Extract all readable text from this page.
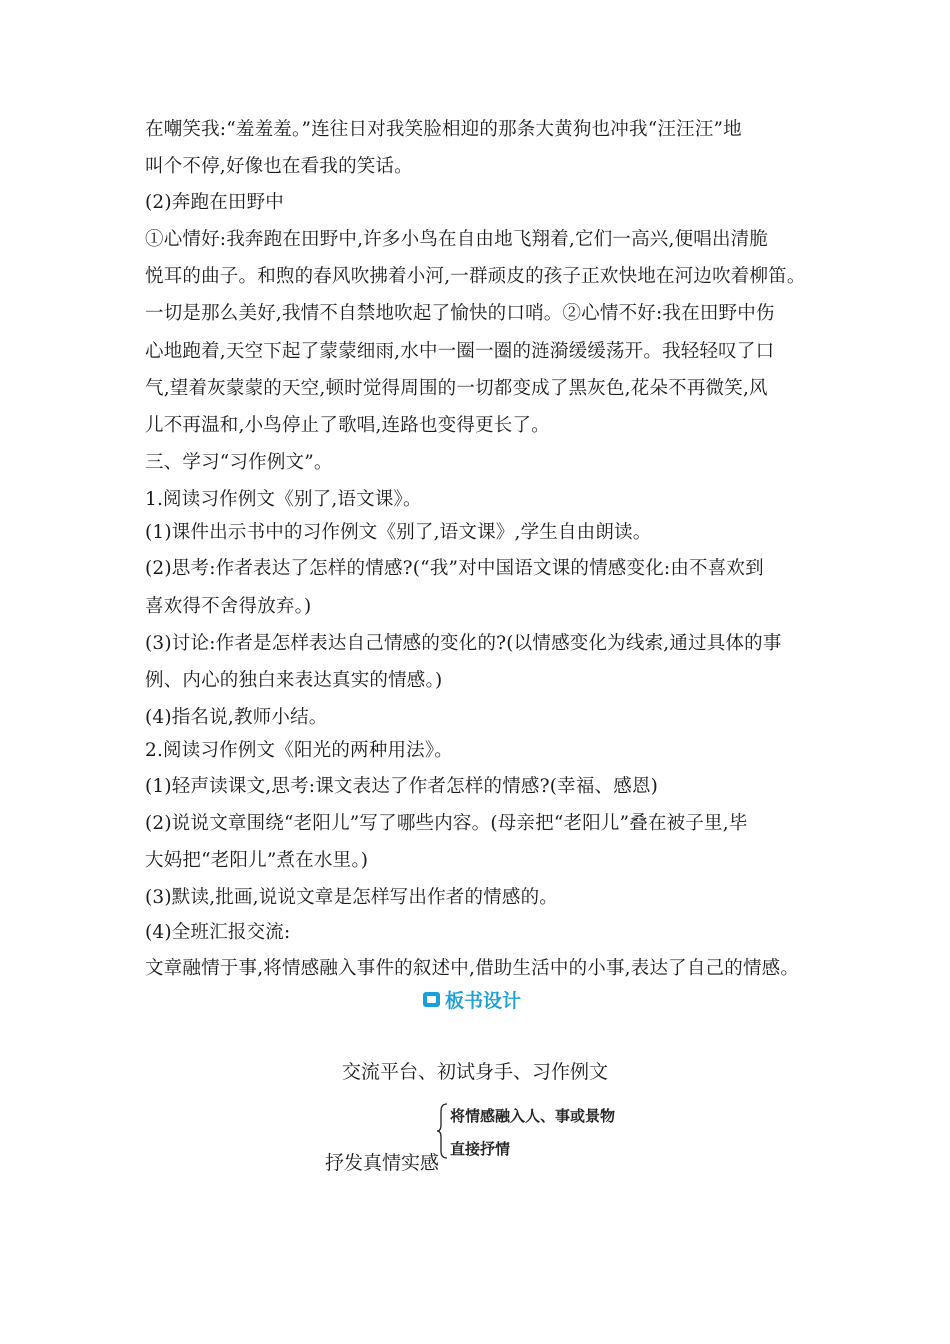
在嘲笑我:“羞羞羞。”连往日对我笑脸相迎的那条大黄狗也冲我“汪汪汪”地
叫个不停,好像也在看我的笑话。
(2)奔跑在田野中
①心情好:我奔跑在田野中,许多小鸟在自由地飞翔着,它们一高兴,便唱出清脆
悦耳的曲子。和煦的春风吹拂着小河,一群顽皮的孩子正欢快地在河边吹着柳笛。
一切是那么美好,我情不自禁地吹起了愉快的口哨。②心情不好:我在田野中伤
心地跑着,天空下起了蒙蒙细雨,水中一圈一圈的涟漪缓缓荡开。我轻轻叹了口
气,望着灰蒙蒙的天空,顿时觉得周围的一切都变成了黑灰色,花朵不再微笑,风
儿不再温和,小鸟停止了歌唱,连路也变得更长了。
三、学习“习作例文”。
1.阅读习作例文《别了,语文课》。
(1)课件出示书中的习作例文《别了,语文课》,学生自由朗读。
(2)思考:作者表达了怎样的情感?(“我”对中国语文课的情感变化:由不喜欢到
喜欢得不舍得放弃。)
(3)讨论:作者是怎样表达自己情感的变化的?(以情感变化为线索,通过具体的事
例、内心的独白来表达真实的情感。)
(4)指名说,教师小结。
2.阅读习作例文《阳光的两种用法》。
(1)轻声读课文,思考:课文表达了作者怎样的情感?(幸福、感恩)
(2)说说文章围绕“老阳儿”写了哪些内容。(母亲把“老阳儿”叠在被子里,毕
大妈把“老阳儿”煮在水里。)
(3)默读,批画,说说文章是怎样写出作者的情感的。
(4)全班汇报交流:
文章融情于事,将情感融入事件的叙述中,借助生活中的小事,表达了自己的情感。
板书设计
交流平台、初试身手、习作例文
抒发真情实感
将情感融入人、事或景物
直接抒情
